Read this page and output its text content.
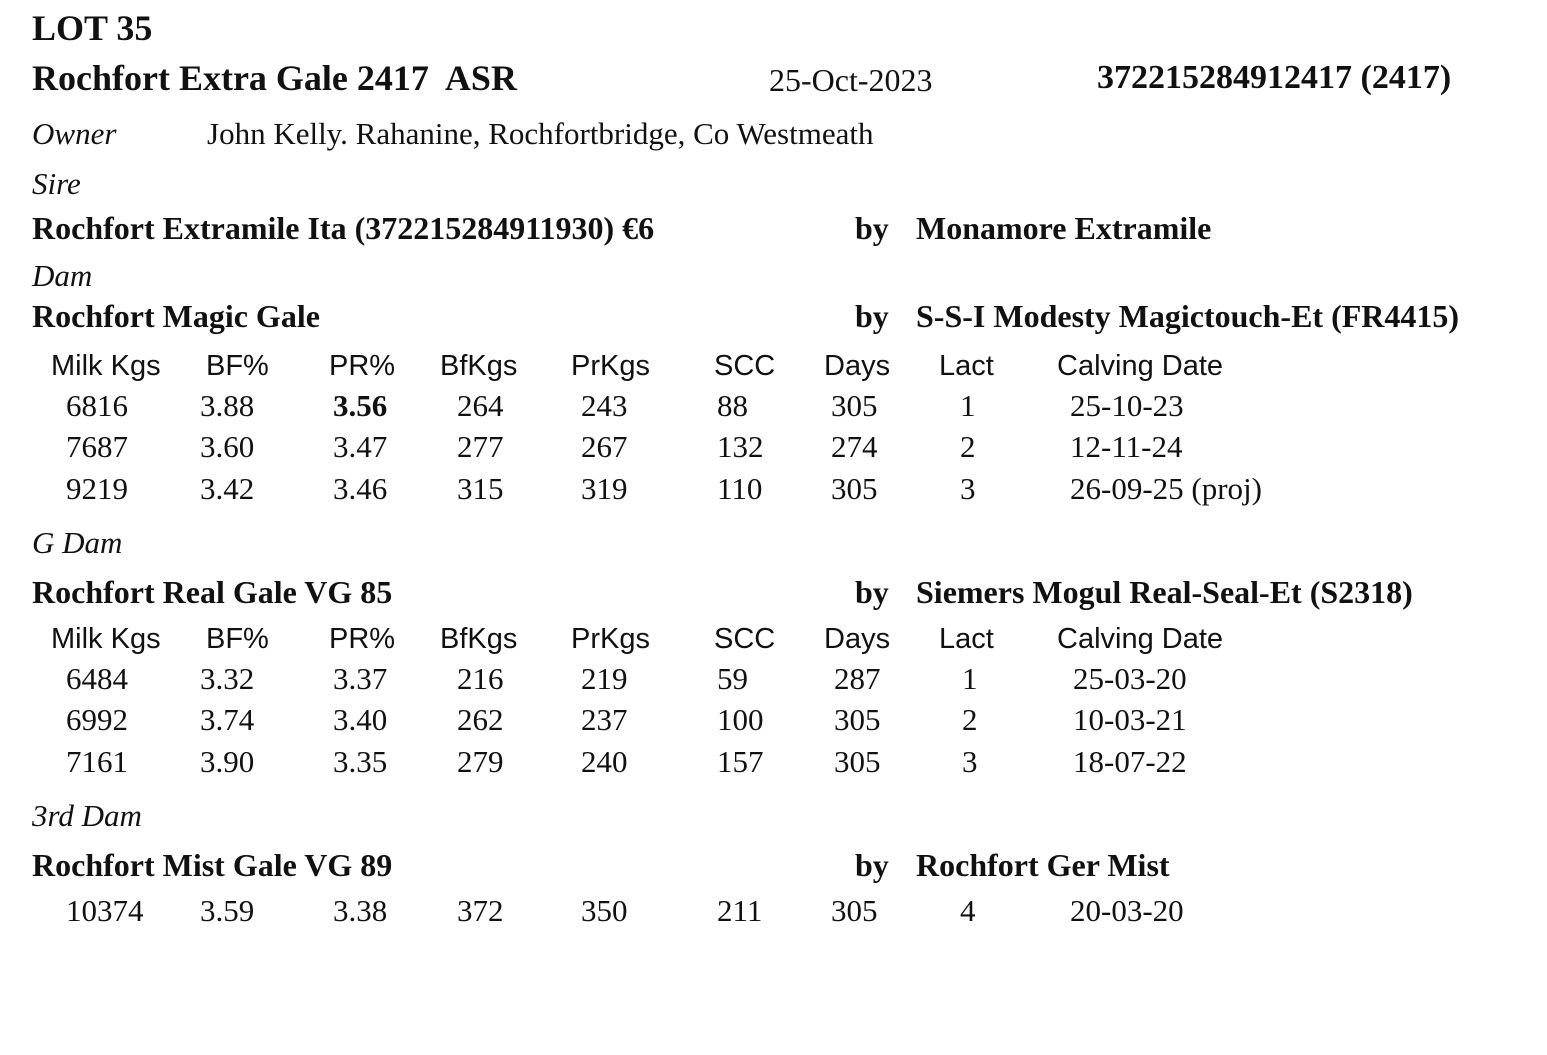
LOT 35
Rochfort Extra Gale 2417  ASR	25-Oct-2023	372215284912417 (2417)
Owner	John Kelly. Rahanine, Rochfortbridge, Co Westmeath
Sire
Rochfort Extramile Ita (372215284911930) €6	by Monamore Extramile
Dam
Rochfort Magic Gale	by S-S-I Modesty Magictouch-Et (FR4415)
Milk Kgs BF% PR% BfKgs PrKgs SCC Days Lact Calving Date
6816 3.88	3.56 264	243	88	305	1	25-10-23
7687 3.60	3.47 277	267	132 274	2	12-11-24
9219 3.42	3.46 315	319	110 305	3	26-09-25 (proj)
G Dam
Rochfort Real Gale VG 85	by Siemers Mogul Real-Seal-Et (S2318)
Milk Kgs BF% PR% BfKgs PrKgs SCC Days Lact Calving Date
6484 3.32	3.37 216	219	59	287	1	25-03-20
6992 3.74	3.40 262	237	100 305	2	10-03-21
7161 3.90	3.35 279	240	157 305	3	18-07-22
3rd Dam
Rochfort Mist Gale VG 89	by Rochfort Ger Mist
10374 3.59	3.38 372	350	211 305	4	20-03-20
